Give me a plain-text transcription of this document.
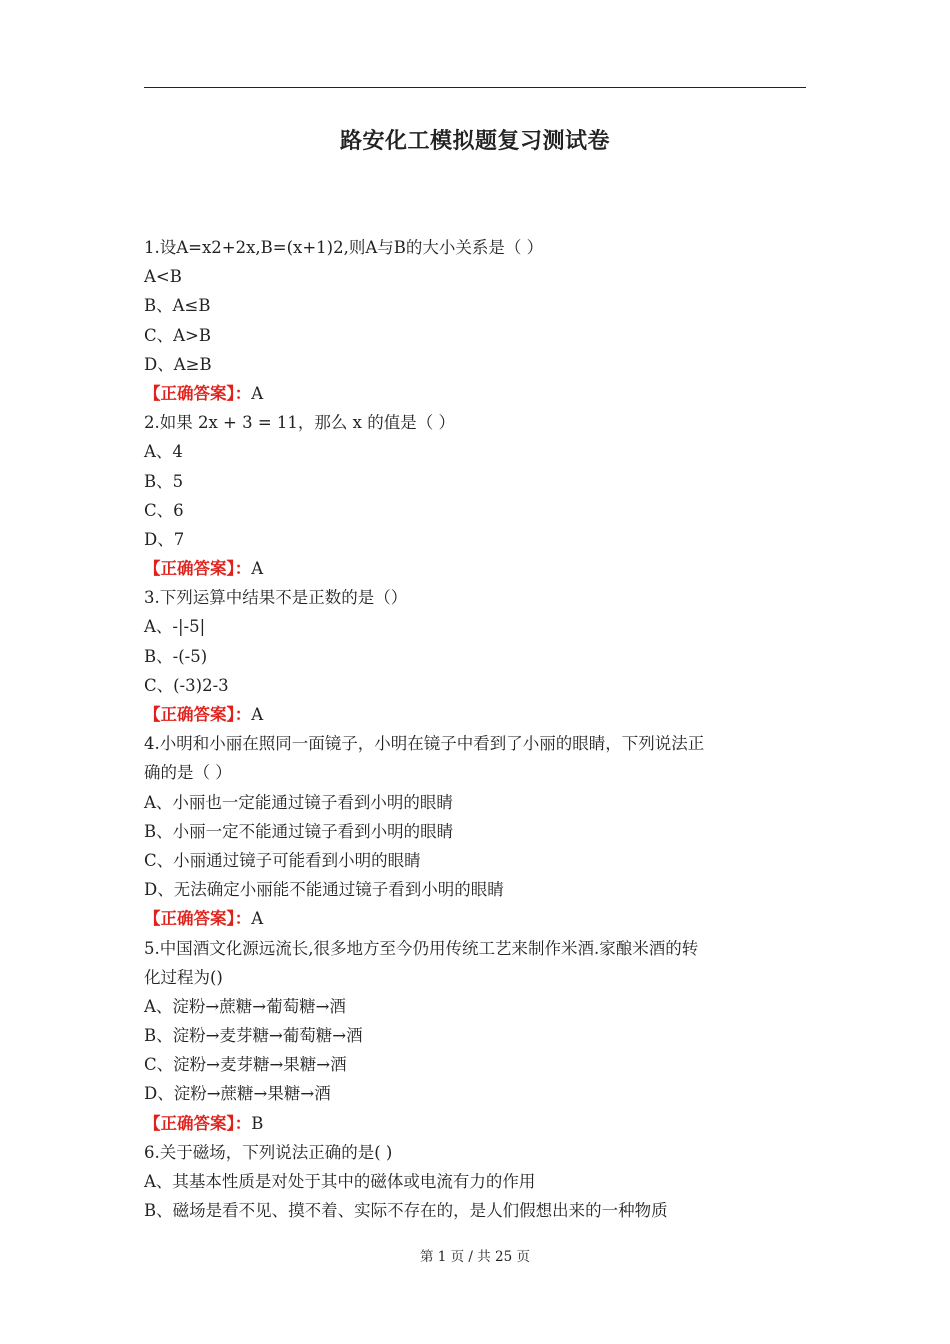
路安化工模拟题复习测试卷
1.设A=x2+2x,B=(x+1)2,则A与B的大小关系是（ ）
A<B
B、A≤B
C、A>B
D、A≥B
【正确答案】：A
2.如果 2x + 3 = 11，那么 x 的值是（ ）
A、4
B、5
C、6
D、7
【正确答案】：A
3.下列运算中结果不是正数的是（）
A、-|-5|
B、-(-5)
C、(-3)2-3
【正确答案】：A
4.小明和小丽在照同一面镜子，小明在镜子中看到了小丽的眼睛，下列说法正
确的是（ ）
A、小丽也一定能通过镜子看到小明的眼睛
B、小丽一定不能通过镜子看到小明的眼睛
C、小丽通过镜子可能看到小明的眼睛
D、无法确定小丽能不能通过镜子看到小明的眼睛
【正确答案】：A
5.中国酒文化源远流长,很多地方至今仍用传统工艺来制作米酒.家酿米酒的转
化过程为()
A、淀粉→蔗糖→葡萄糖→酒
B、淀粉→麦芽糖→葡萄糖→酒
C、淀粉→麦芽糖→果糖→酒
D、淀粉→蔗糖→果糖→酒
【正确答案】：B
6.关于磁场，下列说法正确的是( )
A、其基本性质是对处于其中的磁体或电流有力的作用
B、磁场是看不见、摸不着、实际不存在的，是人们假想出来的一种物质
第 1 页 / 共 25 页
